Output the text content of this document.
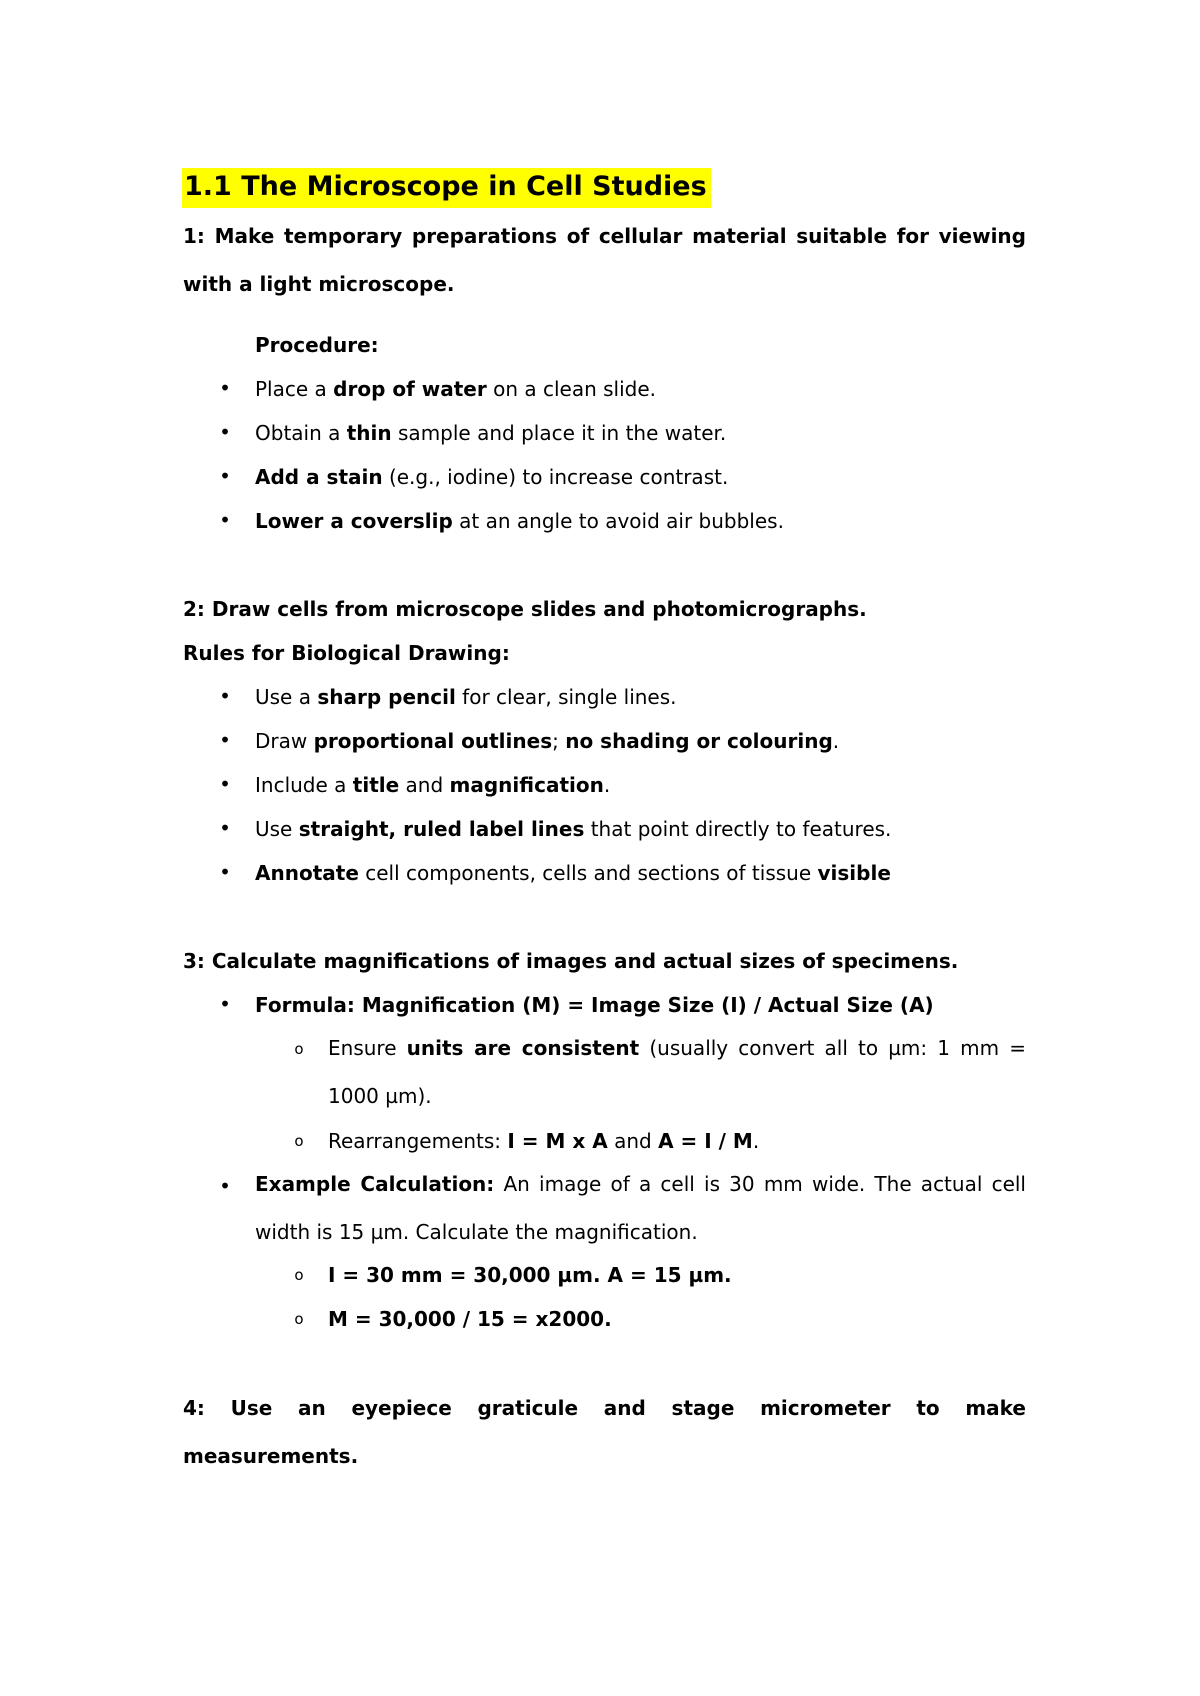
1.1 The Microscope in Cell Studies
1: Make temporary preparations of cellular material suitable for viewing with a light microscope.
Procedure:
• Place a drop of water on a clean slide.
• Obtain a thin sample and place it in the water.
• Add a stain (e.g., iodine) to increase contrast.
• Lower a coverslip at an angle to avoid air bubbles.
2: Draw cells from microscope slides and photomicrographs.
Rules for Biological Drawing:
• Use a sharp pencil for clear, single lines.
• Draw proportional outlines; no shading or colouring.
• Include a title and magnification.
• Use straight, ruled label lines that point directly to features.
• Annotate cell components, cells and sections of tissue visible
3: Calculate magnifications of images and actual sizes of specimens.
• Formula: Magnification (M) = Image Size (I) / Actual Size (A)
o Ensure units are consistent (usually convert all to µm: 1 mm = 1000 µm).
o Rearrangements: I = M x A and A = I / M.
• Example Calculation: An image of a cell is 30 mm wide. The actual cell width is 15 µm. Calculate the magnification.
o I = 30 mm = 30,000 µm. A = 15 µm.
o M = 30,000 / 15 = x2000.
4: Use an eyepiece graticule and stage micrometer to make measurements.
